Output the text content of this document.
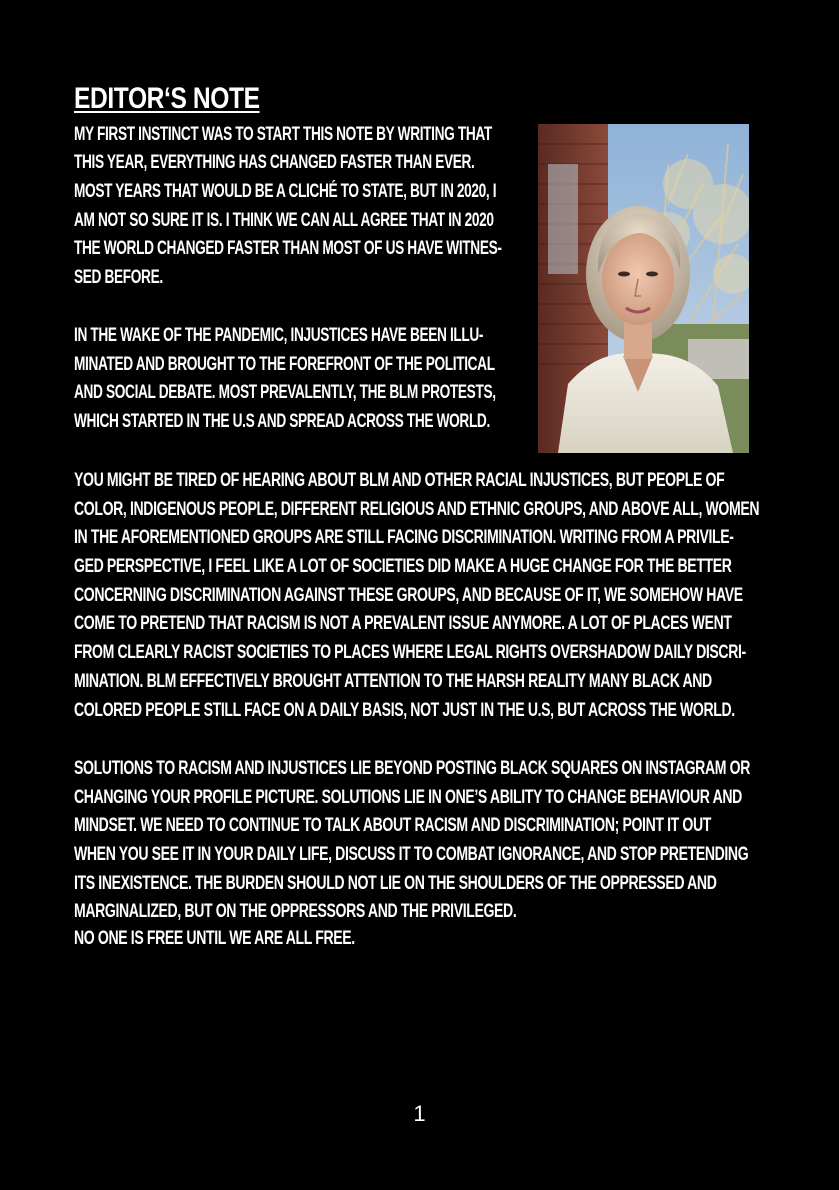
EDITOR‘S NOTE

MY FIRST INSTINCT WAS TO START THIS NOTE BY WRITING THAT

THIS YEAR, EVERYTHING HAS CHANGED FASTER THAN EVER.

MOST YEARS THAT WOULD BE A CLICHÉ TO STATE, BUT IN 2020, I

AM NOT SO SURE IT IS. I THINK WE CAN ALL AGREE THAT IN 2020

THE WORLD CHANGED FASTER THAN MOST OF US HAVE WITNES-

SED BEFORE.

IN THE WAKE OF THE PANDEMIC, INJUSTICES HAVE BEEN ILLU-

MINATED AND BROUGHT TO THE FOREFRONT OF THE POLITICAL

AND SOCIAL DEBATE. MOST PREVALENTLY, THE BLM PROTESTS,

WHICH STARTED IN THE U.S AND SPREAD ACROSS THE WORLD.

YOU MIGHT BE TIRED OF HEARING ABOUT BLM AND OTHER RACIAL INJUSTICES, BUT PEOPLE OF

COLOR, INDIGENOUS PEOPLE, DIFFERENT RELIGIOUS AND ETHNIC GROUPS, AND ABOVE ALL, WOMEN

IN THE AFOREMENTIONED GROUPS ARE STILL FACING DISCRIMINATION. WRITING FROM A PRIVILE-

GED PERSPECTIVE, I FEEL LIKE A LOT OF SOCIETIES DID MAKE A HUGE CHANGE FOR THE BETTER

CONCERNING DISCRIMINATION AGAINST THESE GROUPS, AND BECAUSE OF IT, WE SOMEHOW HAVE

COME TO PRETEND THAT RACISM IS NOT A PREVALENT ISSUE ANYMORE. A LOT OF PLACES WENT

FROM CLEARLY RACIST SOCIETIES TO PLACES WHERE LEGAL RIGHTS OVERSHADOW DAILY DISCRI-

MINATION. BLM EFFECTIVELY BROUGHT ATTENTION TO THE HARSH REALITY MANY BLACK AND

COLORED PEOPLE STILL FACE ON A DAILY BASIS, NOT JUST IN THE U.S, BUT ACROSS THE WORLD.

SOLUTIONS TO RACISM AND INJUSTICES LIE BEYOND POSTING BLACK SQUARES ON INSTAGRAM OR

CHANGING YOUR PROFILE PICTURE. SOLUTIONS LIE IN ONE’S ABILITY TO CHANGE BEHAVIOUR AND

MINDSET. WE NEED TO CONTINUE TO TALK ABOUT RACISM AND DISCRIMINATION; POINT IT OUT

WHEN YOU SEE IT IN YOUR DAILY LIFE, DISCUSS IT TO COMBAT IGNORANCE, AND STOP PRETENDING

ITS INEXISTENCE. THE BURDEN SHOULD NOT LIE ON THE SHOULDERS OF THE OPPRESSED AND

MARGINALIZED, BUT ON THE OPPRESSORS AND THE PRIVILEGED.

NO ONE IS FREE UNTIL WE ARE ALL FREE.

1
